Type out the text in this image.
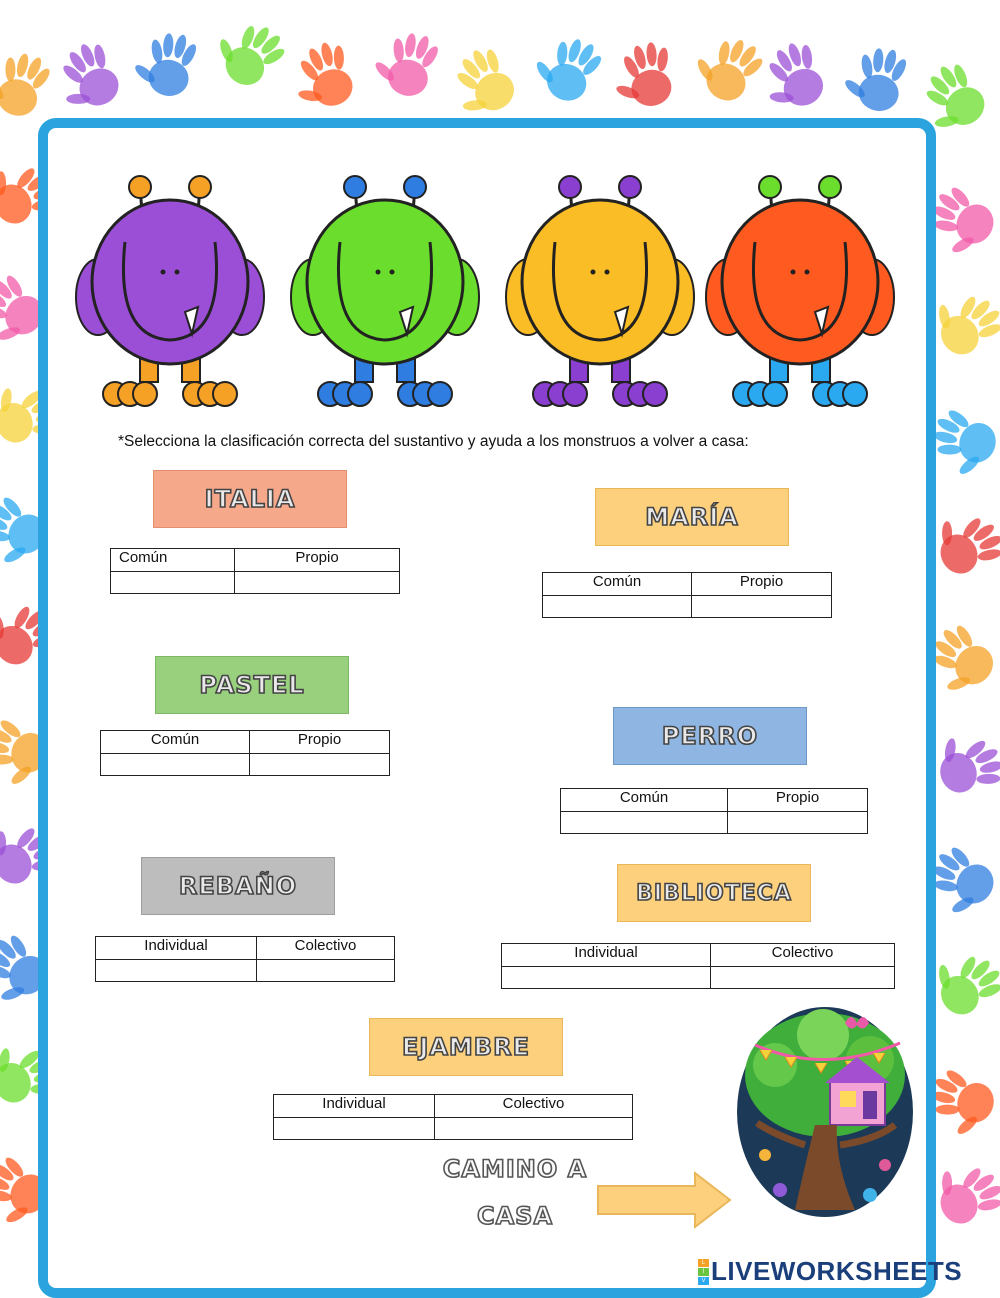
*Selecciona la clasificación correcta del sustantivo y ayuda a los monstruos a volver a casa:
ITALIA
Común	Propio

MARÍA
Común	Propio

PASTEL
Común	Propio
		PERRO
Común	Propio

REBAÑO
Individual	Colectivo

BIBLIOTECA
Individual	Colectivo

EJAMBRE
Individual	Colectivo

CAMINO A
CASA
L
I
V LIVEWORKSHEETS
